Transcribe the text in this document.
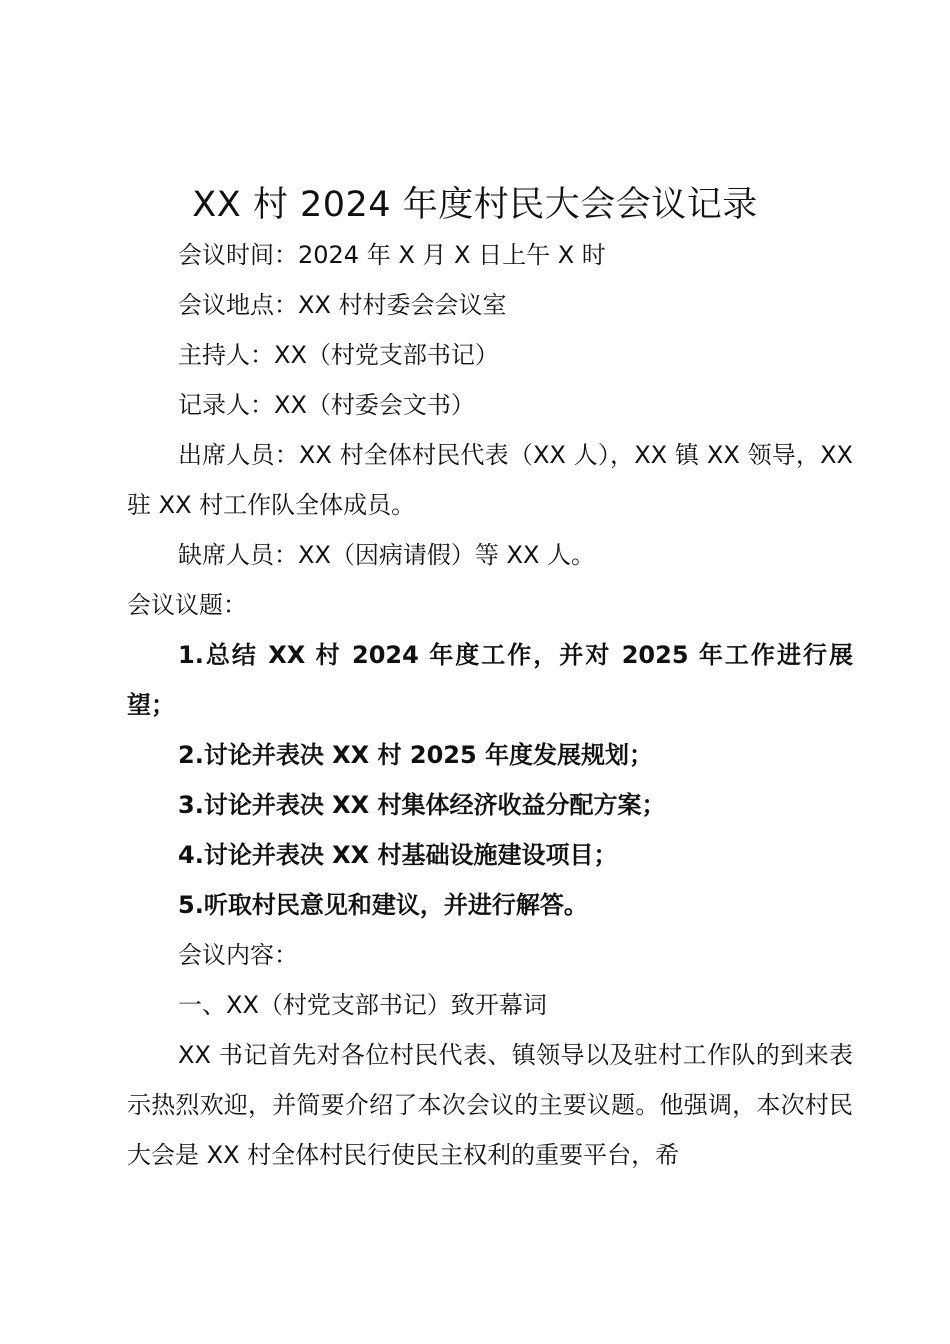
XX 村 2024 年度村民大会会议记录

会议时间：2024 年 X 月 X 日上午 X 时

会议地点：XX 村村委会会议室

主持人：XX（村党支部书记）

记录人：XX（村委会文书）

出席人员：XX 村全体村民代表（XX 人），XX 镇 XX 领导，XX 驻 XX 村工作队全体成员。

缺席人员：XX（因病请假）等 XX 人。

会议议题：

1.总结 XX 村 2024 年度工作，并对 2025 年工作进行展望；

2.讨论并表决 XX 村 2025 年度发展规划；

3.讨论并表决 XX 村集体经济收益分配方案；

4.讨论并表决 XX 村基础设施建设项目；

5.听取村民意见和建议，并进行解答。

会议内容：

一、XX（村党支部书记）致开幕词

XX 书记首先对各位村民代表、镇领导以及驻村工作队的到来表示热烈欢迎，并简要介绍了本次会议的主要议题。他强调，本次村民大会是 XX 村全体村民行使民主权利的重要平台，希
